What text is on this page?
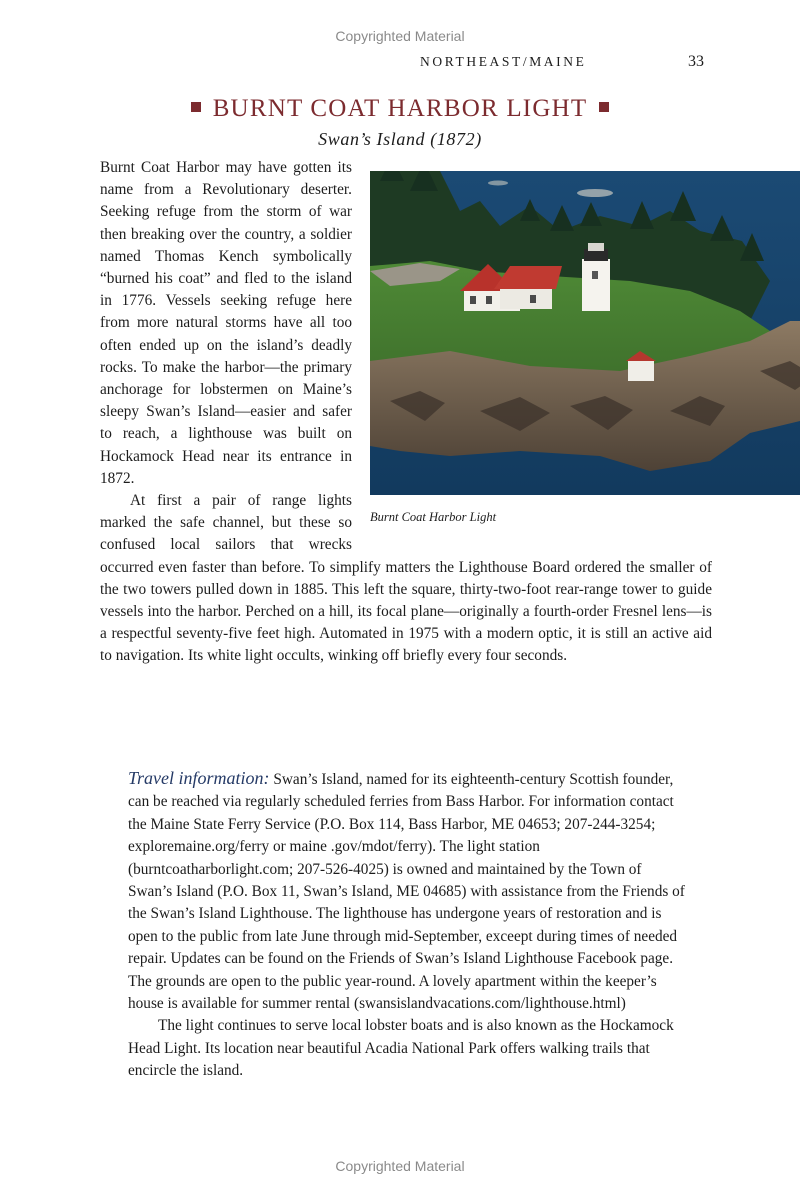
Copyrighted Material
NORTHEAST/MAINE	33
BURNT COAT HARBOR LIGHT
Swan’s Island (1872)
Burnt Coat Harbor Light

Burnt Coat Harbor may have gotten its name from a Revolutionary deserter. Seeking refuge from the storm of war then breaking over the country, a soldier named Thomas Kench symbolically “burned his coat” and fled to the island in 1776. Vessels seeking refuge here from more natural storms have all too often ended up on the island’s deadly rocks. To make the harbor—the primary anchorage for lobstermen on Maine’s sleepy Swan’s Island—easier and safer to reach, a lighthouse was built on Hockamock Head near its entrance in 1872.

At first a pair of range lights marked the safe channel, but these so confused local sailors that wrecks occurred even faster than before. To simplify matters the Lighthouse Board ordered the smaller of the two towers pulled down in 1885. This left the square, thirty-two-foot rear-range tower to guide vessels into the harbor. Perched on a hill, its focal plane—originally a fourth-order Fresnel lens—is a respectful seventy-five feet high. Automated in 1975 with a modern optic, it is still an active aid to navigation. Its white light occults, winking off briefly every four seconds.

Travel information: Swan’s Island, named for its eighteenth-century Scottish founder, can be reached via regularly scheduled ferries from Bass Harbor. For information contact the Maine State Ferry Service (P.O. Box 114, Bass Harbor, ME 04653; 207-244-3254; exploremaine.org/ferry or maine .gov/mdot/ferry). The light station (burntcoatharborlight.com; 207-526-4025) is owned and maintained by the Town of Swan’s Island (P.O. Box 11, Swan’s Island, ME 04685) with assistance from the Friends of the Swan’s Island Lighthouse. The lighthouse has undergone years of restoration and is open to the public from late June through mid-September, exceept during times of needed repair. Updates can be found on the Friends of Swan’s Island Lighthouse Facebook page. The grounds are open to the public year-round. A lovely apartment within the keeper’s house is available for summer rental (swansislandvacations.com/lighthouse.html)

The light continues to serve local lobster boats and is also known as the Hockamock Head Light. Its location near beautiful Acadia National Park offers walking trails that encircle the island.

Copyrighted Material
